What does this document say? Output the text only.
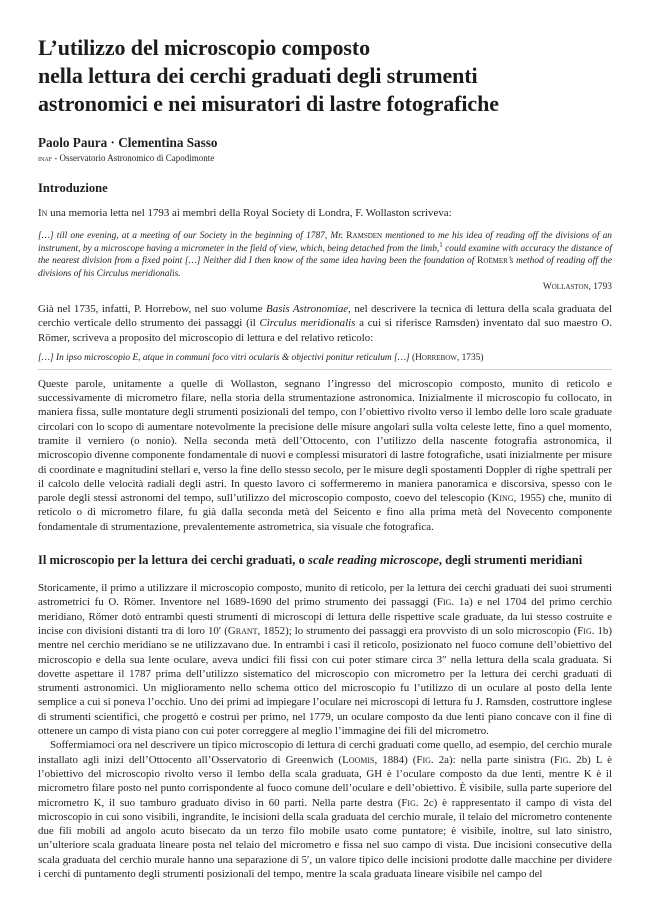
L’utilizzo del microscopio composto
nella lettura dei cerchi graduati degli strumenti
astronomici e nei misuratori di lastre fotografiche
Paolo Paura · Clementina Sasso
inaf - Osservatorio Astronomico di Capodimonte
Introduzione

In una memoria letta nel 1793 ai membri della Royal Society di Londra, F. Wollaston scriveva:

[…] till one evening, at a meeting of our Society in the beginning of 1787, Mr. Ramsden mentioned to me his idea of reading off the divisions of an instrument, by a microscope having a micrometer in the field of view, which, being detached from the limb,$^1$ could examine with accuracy the distance of the nearest division from a fixed point […] Neither did I then know of the same idea having been the foundation of Roëmer’s method of reading off the divisions of his Circulus meridionalis.
Wollaston, 1793

Già nel 1735, infatti, P. Horrebow, nel suo volume Basis Astronomiae, nel descrivere la tecnica di lettura della scala graduata del cerchio verticale dello strumento dei passaggi (il Circulus meridionalis a cui si riferisce Ramsden) inventato dal suo maestro O. Römer, scriveva a proposito del microscopio di lettura e del relativo reticolo:

[…] In ipso microscopio E, atque in communi foco vitri ocularis & objectivi ponitur reticulum […] (Horrebow, 1735)

Queste parole, unitamente a quelle di Wollaston, segnano l’ingresso del microscopio composto, munito di reticolo e successivamente di micrometro filare, nella storia della strumentazione astronomica. Inizialmente il microscopio fu collocato, in maniera fissa, sulle montature degli strumenti posizionali del tempo, con l’obiettivo rivolto verso il lembo delle loro scale graduate circolari con lo scopo di aumentare notevolmente la precisione delle misure angolari sulla volta celeste lette, fino a quel momento, tramite il verniero (o nonio). Nella seconda metà dell’Ottocento, con l’utilizzo della nascente fotografia astronomica, il microscopio divenne componente fondamentale di nuovi e complessi misuratori di lastre fotografiche, usati inizialmente per misure di coordinate e magnitudini stellari e, verso la fine dello stesso secolo, per le misure degli spostamenti Doppler di righe spettrali per il calcolo delle velocità radiali degli astri. In questo lavoro ci soffermeremo in maniera panoramica e discorsiva, spesso con le parole degli stessi astronomi del tempo, sull’utilizzo del microscopio composto, coevo del telescopio (King, 1955) che, munito di reticolo o di micrometro filare, fu già dalla seconda metà del Seicento e fino alla prima metà del Novecento componente fondamentale di strumentazione, prevalentemente astrometrica, sia visuale che fotografica.

Il microscopio per la lettura dei cerchi graduati, o scale reading microscope, degli strumenti meridiani

Storicamente, il primo a utilizzare il microscopio composto, munito di reticolo, per la lettura dei cerchi graduati dei suoi strumenti astrometrici fu O. Römer. Inventore nel 1689-1690 del primo strumento dei passaggi (Fig. 1a) e nel 1704 del primo cerchio meridiano, Römer dotò entrambi questi strumenti di microscopi di lettura delle rispettive scale graduate, da lui stesso costruite e incise con divisioni distanti tra di loro 10′ (Grant, 1852); lo strumento dei passaggi era provvisto di un solo microscopio (Fig. 1b) mentre nel cerchio meridiano se ne utilizzavano due. In entrambi i casi il reticolo, posizionato nel fuoco comune dell’obiettivo del microscopio e della sua lente oculare, aveva undici fili fissi con cui poter stimare circa 3″ nella lettura della scala graduata. Si dovette aspettare il 1787 prima dell’utilizzo sistematico del microscopio con micrometro per la lettura dei cerchi graduati di strumenti astronomici. Un miglioramento nello schema ottico del microscopio fu l’utilizzo di un oculare al posto della lente semplice a cui si poneva l’occhio. Uno dei primi ad impiegare l’oculare nei microscopi di lettura fu J. Ramsden, costruttore inglese di strumenti scientifici, che progettò e costruì per primo, nel 1779, un oculare composto da due lenti piano concave con il fine di ottenere un campo di vista piano con cui poter correggere al meglio l’immagine dei fili del micrometro.

Soffermiamoci ora nel descrivere un tipico microscopio di lettura di cerchi graduati come quello, ad esempio, del cerchio murale installato agli inizi dell’Ottocento all’Osservatorio di Greenwich (Loomis, 1884) (Fig. 2a): nella parte sinistra (Fig. 2b) L è l’obiettivo del microscopio rivolto verso il lembo della scala graduata, GH è l’oculare composto da due lenti, mentre K è il micrometro filare posto nel punto corrispondente al fuoco comune dell’oculare e dell’obiettivo. È visibile, sulla parte superiore del micrometro K, il suo tamburo graduato diviso in 60 parti. Nella parte destra (Fig. 2c) è rappresentato il campo di vista del microscopio in cui sono visibili, ingrandite, le incisioni della scala graduata del cerchio murale, il telaio del micrometro contenente due fili mobili ad angolo acuto bisecato da un terzo filo mobile usato come puntatore; è visibile, inoltre, sul lato sinistro, un’ulteriore scala graduata lineare posta nel telaio del micrometro e fissa nel suo campo di vista. Due incisioni consecutive della scala graduata del cerchio murale hanno una separazione di 5′, un valore tipico delle incisioni prodotte dalle macchine per dividere i cerchi di puntamento degli strumenti posizionali del tempo, mentre la scala graduata lineare visibile nel campo del
